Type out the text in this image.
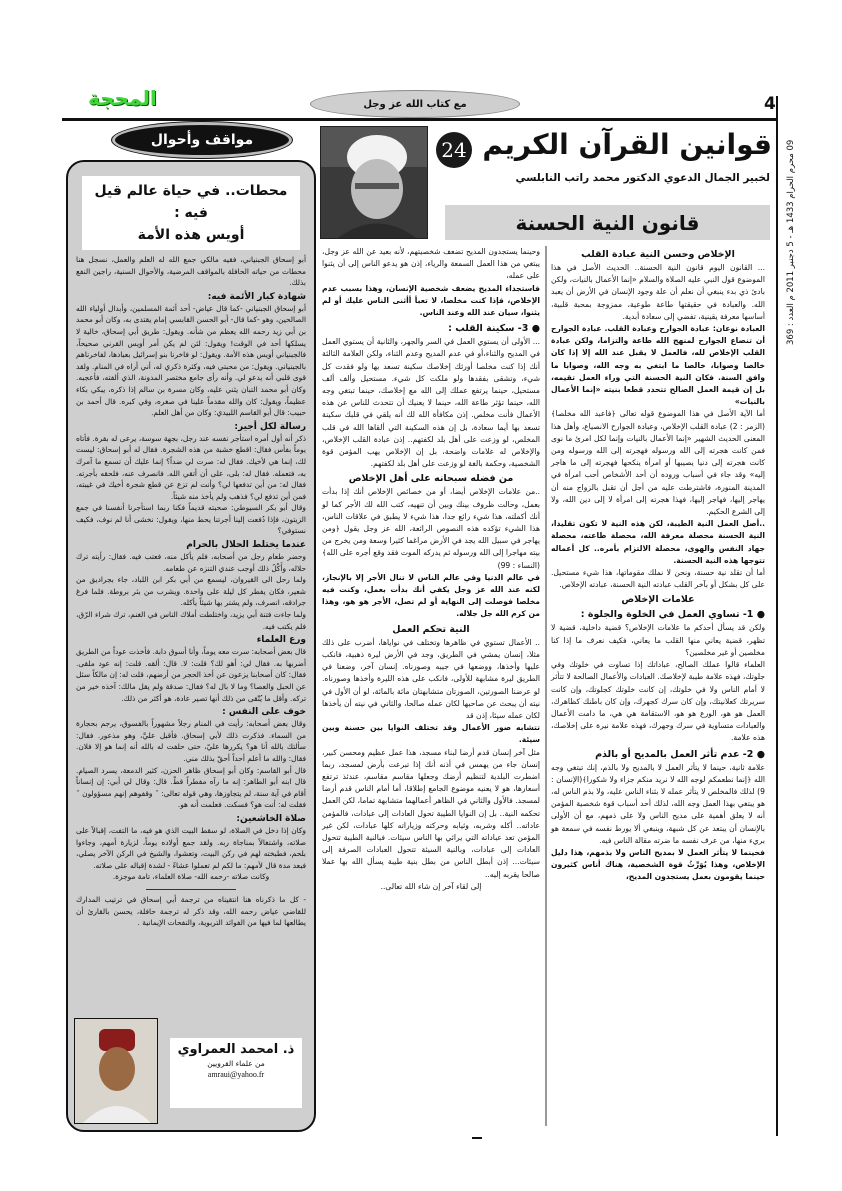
المحجة	مع كتاب الله عز وجل	4
09 محرم الحرام 1433 هـ - 5 دجنبر 2011 م العدد : 369
قوانين القرآن الكريم
24
لخبير الجمال الدعوي الدكتور محمد راتب النابلسي
قانون النية الحسنة
الإخلاص وحسن النية عبادة القلب

... القانون اليوم قانون النية الحسنة.. الحديث الأصل في هذا الموضوع قول النبي عليه الصلاة والسلام «إنما الأعمال بالنيات، ولكن بادئ ذي بدء ينبغي أن نعلم أن علة وجود الإنسان في الأرض أن يعبد الله. والعبادة في حقيقتها طاعة طوعية، ممزوجة بمحبة قلبية، أساسها معرفة يقينية، تفضي إلى سعادة أبدية.

العبادة نوعان: عبادة الجوارح وعبادة القلب. عبادة الجوارح أن تنصاع الجوارح لمنهج الله طاعة والتزاما، ولكن عبادة القلب الإخلاص لله، فالعمل لا يقبل عند الله إلا إذا كان خالصا وصوابا، خالصا ما ابتغي به وجه الله، وصوابا ما وافق السنة. فكان النية الحسنة التي وراء العمل تقيمه، بل إن قيمة العمل الصالح تتحدد قطعا بنيته «إنما الأعمال بالنيات»

أما الآية الأصل في هذا الموضوع قوله تعالى ﴿فاعبد الله مخلصا﴾(الزمر : 2) عبادة القلب الإخلاص، وعبادة الجوارح الانصياع، وأهل هذا المعنى الحديث الشهير «إنما الأعمال بالنيات وإنما لكل امرئ ما نوى فمن كانت هجرته إلى الله ورسوله فهجرته إلى الله ورسوله ومن كانت هجرته إلى دنيا يصيبها أو امرأة ينكحها فهجرته إلى ما هاجر إليه» وقد جاء في أسباب وروده أن أحد الأشخاص أحب امرأة في المدينة المنورة، فاشترطت عليه من أجل أن تقبل بالزواج منه أن يهاجر إليها، فهاجر إليها، فهذا هجرته إلى امرأة لا إلى دين الله، ولا إلى الشرع الحكيم.

..أصل العمل النية الطيبة، لكن هذه النية لا تكون تقليدا، النية الحسنة محصلة معرفة الله، محصلة طاعته، محصلة جهاد النفس والهوى، محصلة الالتزام بأمره.. كل أعماله تتوجها هذه النية الحسنة.

أما أن تقلد نية حسنة، ونحن لا نملك مقوماتها، هذا شيء مستحيل. على كل بشكل أو بآخر القلب عبادته النية الحسنة، عبادته الإخلاص.

علامات الإخلاص
● 1- تساوي العمل في الخلوة والجلوة :

ولكن قد يسأل أحدكم ما علامات الإخلاص؟ قضية داخلية، قضية لا تظهر، قضية يعاني منها القلب ما يعاني، فكيف نعرف ما إذا كنا مخلصين أو غير مخلصين؟

العلماء قالوا عملك الصالح، عباداتك إذا تساوت في خلوتك وفي جلوتك، فهذه علامة طيبة لإخلاصك. العبادات والأعمال الصالحة لا تتأثر لا أمام الناس ولا في خلوتك، إن كانت خلوتك كجلوتك، وإن كانت سريرتك كعلانيتك، وإن كان سرك كجهرك، وإن كان باطنك كظاهرك، العمل هو هو، الورع هو هو، الاستقامة هي هي، ما دامت الأعمال والعبادات متساوية في سرك وجهرك، فهذه علامة نيرة على إخلاصك، هذه علامة.

● 2- عدم تأثر العمل بالمديح أو بالذم

علامة ثانية، حينما لا يتأثر العمل لا بالمديح ولا بالذم، إنك تبتغي وجه الله ﴿إنما نطعمكم لوجه الله لا نريد منكم جزاء ولا شكورا﴾(الإنسان : 9) لذلك فالمخلص لا يتأثر عمله لا بثناء الناس عليه، ولا بذم الناس له، هو يبتغي بهذا العمل وجه الله، لذلك أحد أسباب قوة شخصية المؤمن أنه لا يعلق أهمية على مديح الناس ولا على ذمهم، مع أن الأولى بالإنسان أن يبتعد عن كل شبهة، وينبغي ألا يورط نفسه في سمعة هو بريء منها، من عرف نفسه ما ضرته مقالة الناس فيه.

فحينما لا يتأثر العمل لا بمديح الناس ولا بذمهم، هذا دليل الإخلاص، وهذا يُوَرِّثُ قوة الشخصية، هناك أناس كثيرون حينما يقومون بعمل يستجدون المديح،

وحينما يستجدون المديح تضعف شخصيتهم، لأنه بعيد عن الله عز وجل، يبتغي من هذا العمل السمعة والرياء، إذن هو يدعو الناس إلى أن يثنوا على عمله،

فاستجداء المديح يضعف شخصية الإنسان، وهذا بسبب عدم الإخلاص، فإذا كنت مخلصا، لا تعبأ أأثنى الناس عليك أو لم يثنوا، سيان عند الله وعند الناس.

● 3- سكينة القلب :

... الأولى أن يستوي العمل في السر والجهر، والثانية أن يستوي العمل في المديح والثناء،أو في عدم المديح وعدم الثناء، ولكن العلامة الثالثة أنك إذا كنت مخلصا أورثك إخلاصك سكينة تسعد بها ولو فقدت كل شيء، وتشقى بفقدها ولو ملكت كل شيء. مستحيل وألف ألف مستحيل، حينما يرتفع عملك إلى الله مع إخلاصك، حينما تبتغي وجه الله، حينما تؤثر طاعة الله، حينما لا يعنيك أن تتحدث للناس عن هذه الأعمال فأنت مخلص. إذن مكافأة الله لك أنه يلقي في قلبك سكينة تسعد بها أيما سعادة، بل إن هذه السكينة التي ألقاها الله في قلب المخلص، لو وزعت على أهل بلد لكفتهم.. إذن عبادة القلب الإخلاص، والإخلاص له علامات واضحة، بل إن الإخلاص يهب المؤمن قوة الشخصية، وحكمة بالغة لو وزعت على أهل بلد لكفتهم.

من فضله سبحانه على أهل الإخلاص

..من علامات الإخلاص أيضا، أو من خصائص الإخلاص أنك إذا بدأت بعمل، وحالت ظروف بينك وبين أن تنهيه، كتب الله لك الأجر كما لو أنك أكملته، هذا شيء رائع جدا، هذا شيء لا يطبق في علاقات الناس، هذا الشيء تؤكده هذه النصوص الرائعة، الله عز وجل يقول ﴿ومن يهاجر في سبيل الله يجد في الأرض مراغما كثيرا وسعة ومن يخرج من بيته مهاجرا إلى الله ورسوله ثم يدركه الموت فقد وقع أجره على الله﴾(النساء : 99)

في عالم الدنيا وفي عالم الناس لا تنال الأجر إلا بالإنجاز، لكنه عند الله عز وجل يكفي أنك بدأت بعمل، وكنت فيه مخلصا فوصلت إلى النهاية أو لم تصل، الأجر هو هو، وهذا من كرم الله جل جلاله.

النية تحكم العمل

.. الأعمال تستوي في ظاهرها وتختلف في نواياها، أضرب على ذلك مثلا، إنسان يمشي في الطريق، وجد في الأرض ليرة ذهبية، فانكب عليها وأخذها، ووضعها في جيبه وصورناه. إنسان آخر، وضعنا في الطريق ليرة مشابهة للأولى، فانكب على هذه الليرة وأخذها وصورناه. لو عرضنا الصورتين، الصورتان متشابهتان مائة بالمائة، لو أن الأول في نيته أن يبحث عن صاحبها لكان عمله صالحا، والثاني في نيته أن يأخذها لكان عمله سيئا، إذن قد

تتشابه صور الأعمال وقد تختلف النوايا بين حسنة وبين سيئة.

مثل آخر إنسان قدم أرضا لبناء مسجد، هذا عمل عظيم ومحسن كبير، إنسان جاء من يهمس في أذنه أنك إذا تبرعت بأرض لمسجد، ربما اضطرت البلدية لتنظيم أرضك وجعلها مقاسم مقاسم، عندئذ ترتفع أسعارها، هو لا يعنيه موضوع الجامع إطلاقا، أما أمام الناس قدم أرضا لمسجد. فالأول والثاني في الظاهر أعمالهما متشابهة تماما، لكن العمل تحكمه النية.. بل إن النوايا الطيبة تحول العادات إلى عبادات، فالمؤمن عاداته.. أكله وشربه، وثيابه وحركته وزياراته كلها عبادات، لكن غير المؤمن تعد عباداته التي يرائي بها الناس سيئات. فبالنية الطيبة تتحول العادات إلى عبادات، وبالنية السيئة تتحول العبادات الصرفة إلى سيئات... إذن أبطل الناس من بطل بنية طيبة يسأل الله بها عملا صالحا يقربه إليه..

إلى لقاء آخر إن شاء الله تعالى..

محطات.. في حياة عالم قيل فيه :
أويس هذه الأمة

أبو إسحاق الجبنياني، فقيه مالكي جمع الله له العلم والعمل، نسجل هنا محطات من حياته الحافلة بالمواقف المرضية، والأحوال السنية، راجين النفع بذلك.

شهادة كبار الأئمة فيه:

أبو إسحاق الجبنياني -كما قال عياض- أحد أئمة المسلمين، وأبدال أولياء الله الصالحين، وهو -كما قال- أبو الحسن القابسي إمام يقتدى به، وكان أبو محمد بن أبي زيد رحمه الله يعظم من شأنه. ويقول: طريق أبي إسحاق، خالية لا يسلكها أحد في الوقت! ويقول: لئن لم يكن أمر أويس القرني صحيحاً، فالجبنياني أويس هذه الأمة. ويقول: لو فاخرنا بنو إسرائيل بعبادها، لفاخرناهم بالجبنياني. ويقول: من محبتي فيه، وكثرة ذكري له، أني أراه في المنام. ولقد قوى قلبي أنه يدعو لي. وأنه رأى جامع مختصر المدونة، الذي ألفته، فأعجبه. وكان أبو محمد التبان يثني عليه، وكان مسرة بن سالم إذا ذكره، يبكي بكاء عظيماً، ويقول: كان والله مقدماً علينا في صغره، وفي كبره. قال أحمد بن حبيب: قال أبو القاسم اللبيدي: وكان من أهل العلم.

رسالة لكل أجير:

ذكر أنه أول أمره استأجر نفسه عند رجل، بجهة سوسة، يرعى له بقرة. فأتاه يوماً بفأس فقال: اقطع خشبة من هذه الشجرة. فقال له أبو إسحاق: ليست لك، إنما هي لأخيك. فقال له: صرت لي ضداً؟ إنما عليك أن تسمع ما آمرك به، فتعمله. فقال له: بلى، على أن أتقي الله. فانصرف عنه، فلحقه بأجرته. فقال له: من أين تدفعها لي؟ وأنت لم تزع عن قطع شجرة أخيك في غيبته، فمن أين تدفع لي؟ فذهب ولم يأخذ منه شيئاً.

وقال أبو بكر السيوطي: صحبته قديماً فكنا ربما استأجرنا أنفسنا في جمع الزيتون، فإذا دُفعت إلينا أجرتنا يحط منها، ويقول: نخشى أنا لم نوف، فكيف نستوفي؟

عندما يختلط الحلال بالحرام

وحضر طعام رجل من أصحابه، فلم يأكل منه، فعتب فيه. فقال: رأيته ترك حلاله، وأَكْلُ ذلك أوجب عندي التنزه عن طعامه.

ولما رحل الى القيروان، ليسمع من أبي بكر ابن اللباد، جاء بجراديق من شعير، فكان يفطر كل ليلة على واحدة. ويشرب من بئر بروطة. فلما فرغ جرادقه، انصرف، ولم يشتر بها شيئاً يأكله.

ولما جاءت فتنة أبي يزيد، واختلطت أملاك الناس في الغنم، ترك شراء الرّق، فلم يكتب فيه.

ورع العلماء

قال بعض أصحابه: سرت معه يوماً، وأنا أسوق دابة. فأخذت عوداً من الطريق أضربها به. فقال لي: أهو لك؟ قلت: لا. قال: ألقه. قلت: إنه عود ملقى. فقال: كان أصحابنا يزعون عن أخذ الحجر من أرضهم، قلت له: إن مالكاً سئل عن الحبل والعصا؟ وما لا بال له؟ فقال: صدقة ولم يقل مالك: آخذه خير من تركه. وأقل ما يُتّقى من ذلك أنها تصير عادة، هو أكثر من ذلك.

خوف على النفس :

وقال بعض أصحابه: رأيت في المنام رجلاً مشهوراً بالفسوق، يرجم بحجارة من السماء. فذكرت ذلك لأبي إسحاق. فأقبل عليَّ، وهو مذعور. فقال: سألتك بالله أنا هو؟ يكررها عليّ، حتى حلفت له بالله أنه إنما هو إلا فلان. فقال: والله ما أعلم أحداً أحقّ بذلك مني.

قال أبو القاسم: وكان أبو إسحاق ظاهر الحزن، كثير الدمعة، يسرد الصيام. قال ابنه أبو الطاهر: إنه ما رآه مفطراً قطّ. قال: وقال لي أبي: إن إنساناً أقام في آية سنة، لم يتجاوزها، وهي قوله تعالى: ˝ وقفوهم إنهم مسؤولون ˝ فقلت له: أنت هو؟ فسكت. فعلمت أنه هو.

صلاة الخاشعين:

وكان إذا دخل في الصلاة، لو سقط البيت الذي هو فيه، ما التفت، إقبالاً على صلاته، واشتغالاً بمناجاة ربه. ولقد جمع أولاده يوماً، لزيارة أمهم، وجاءوا بلحم، فطبخته لهم في ركن البيت، وتعشوا، والشيخ في الركن الآخر يصلي، فبعد مدة قال لأمهم: ما لكم لم تعملوا عشاءً - لشدة إقباله على صلاته.

وكانت صلاته -رحمه الله- صلاة العلماء، تامة موجزة.

- كل ما ذكرناه هنا انتقيناه من ترجمة أبي إسحاق في ترتيب المدارك للقاضي عياض رحمه الله، وقد ذكر له ترجمة حافلة، يحسن بالقارئ أن يطالعها لما فيها من الفوائد التربوية، والنفحات الإيمانية .

ذ. امحمد العمراوي
من علماء القرويين
amraui@yahoo.fr
مواقف وأحوال
